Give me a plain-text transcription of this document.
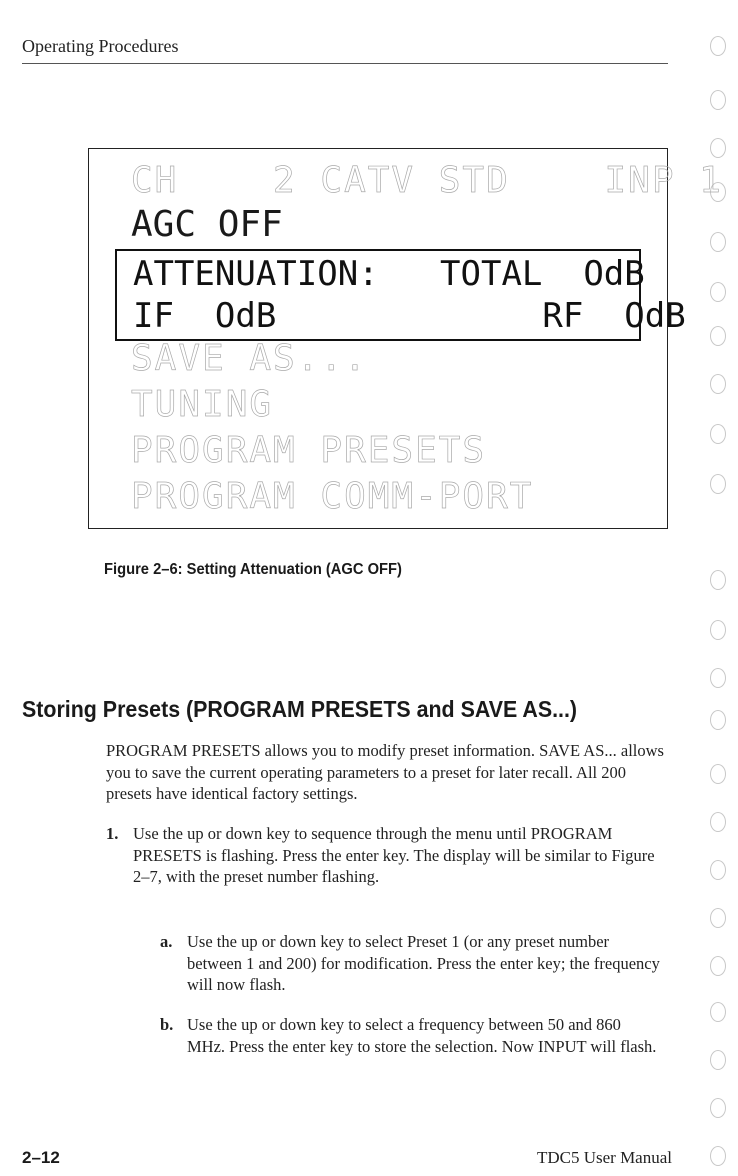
Operating Procedures
CH    2 CATV STD    INP 1
AGC OFF
ATTENUATION:   TOTAL  OdB
IF  OdB             RF  OdB
SAVE AS...
TUNING
PROGRAM PRESETS
PROGRAM COMM-PORT
Figure 2–6: Setting Attenuation (AGC OFF)
Storing Presets (PROGRAM PRESETS and SAVE AS...)
PROGRAM PRESETS allows you to modify preset information. SAVE AS... allows you to save the current operating parameters to a preset for later recall. All 200 presets have identical factory settings.
1. Use the up or down key to sequence through the menu until PROGRAM PRESETS is flashing. Press the enter key. The display will be similar to Figure 2–7, with the preset number flashing.
a. Use the up or down key to select Preset 1 (or any preset number between 1 and 200) for modification. Press the enter key; the frequency will now flash.
b. Use the up or down key to select a frequency between 50 and 860 MHz. Press the enter key to store the selection. Now INPUT will flash.
2–12	TDC5 User Manual
